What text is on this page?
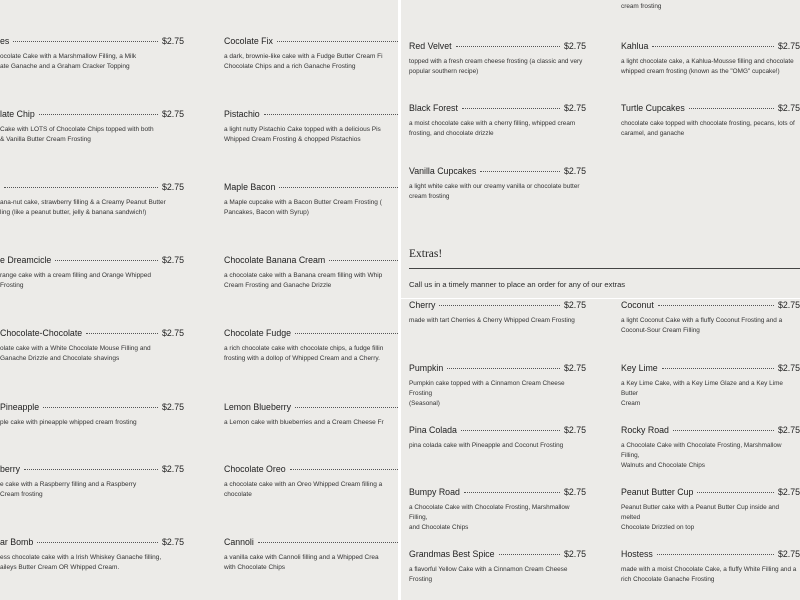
es	$2.75
ocolate Cake with a Marshmallow Filling, a Milk
ate Ganache and a Graham Cracker Topping
late Chip	$2.75
Cake with LOTS of Chocolate Chips topped with both
& Vanilla Butter Cream Frosting
$2.75
ana-nut cake, strawberry filling & a Creamy Peanut Butter
ling (like a peanut butter, jelly & banana sandwich!)
e Dreamcicle	$2.75
range cake with a cream filling and Orange Whipped
Frosting
Chocolate-Chocolate	$2.75
olate cake with a White Chocolate Mouse Filling and
Ganache Drizzle and Chocolate shavings
Pineapple	$2.75
ple cake with pineapple whipped cream frosting
berry	$2.75
e cake with a Raspberry filling and a Raspberry
Cream frosting
ar Bomb	$2.75
ess chocolate cake with a Irish Whiskey Ganache filling,
aileys Butter Cream OR Whipped Cream.
Cocolate Fix
a dark, brownie-like cake with a Fudge Butter Cream Fi
Chocolate Chips and a rich Ganache Frosting
Pistachio
a light nutty Pistachio Cake topped with a delicious Pis
Whipped Cream Frosting & chopped Pistachios
Maple Bacon
a Maple cupcake with a Bacon Butter Cream Frosting (
Pancakes, Bacon with Syrup)
Chocolate Banana Cream
a chocolate cake with a Banana cream filling with Whip
Cream Frosting and Ganache Drizzle
Chocolate Fudge
a rich chocolate cake with chocolate chips, a fudge fillin
frosting with a dollop of Whipped Cream and a Cherry.
Lemon Blueberry
a Lemon cake with blueberries and a Cream Cheese Fr
Chocolate Oreo
a chocolate cake with an Oreo Whipped Cream filling a
chocolate
Cannoli
a vanilla cake with Cannoli filling and a Whipped Crea
with Chocolate Chips
cream frosting
Red Velvet	$2.75
topped with a fresh cream cheese frosting (a classic and very
popular southern recipe)
Black Forest	$2.75
a moist chocolate cake with a cherry filling, whipped cream
frosting, and chocolate drizzle
Vanilla Cupcakes	$2.75
a light white cake with our creamy vanilla or chocolate butter
cream frosting
Kahlua	$2.75
a light chocolate cake, a Kahlua-Mousse filling and chocolate
whipped cream frosting (known as the "OMG" cupcake!)
Turtle Cupcakes	$2.75
chocolate cake topped with chocolate frosting, pecans, lots of
caramel, and ganache
Cherry	$2.75
made with tart Cherries & Cherry Whipped Cream Frosting
Pumpkin	$2.75
Pumpkin cake topped with a Cinnamon Cream Cheese Frosting
(Seasonal)
Pina Colada	$2.75
pina colada cake with Pineapple and Coconut Frosting
Bumpy Road	$2.75
a Chocolate Cake with Chocolate Frosting, Marshmallow Filling,
and Chocolate Chips
Grandmas Best Spice	$2.75
a flavorful Yellow Cake with a Cinnamon Cream Cheese Frosting
Coconut	$2.75
a light Coconut Cake with a fluffy Coconut Frosting and a
Coconut-Sour Cream Filling
Key Lime	$2.75
a Key Lime Cake, with a Key Lime Glaze and a Key Lime Butter
Cream
Rocky Road	$2.75
a Chocolate Cake with Chocolate Frosting, Marshmallow Filling,
Walnuts and Chocolate Chips
Peanut Butter Cup	$2.75
Peanut Butter cake with a Peanut Butter Cup inside and melted
Chocolate Drizzled on top
Hostess	$2.75
made with a moist Chocolate Cake, a fluffy White Filling and a
rich Chocolate Ganache Frosting
Extras!
Call us in a timely manner to place an order for any of our extras
